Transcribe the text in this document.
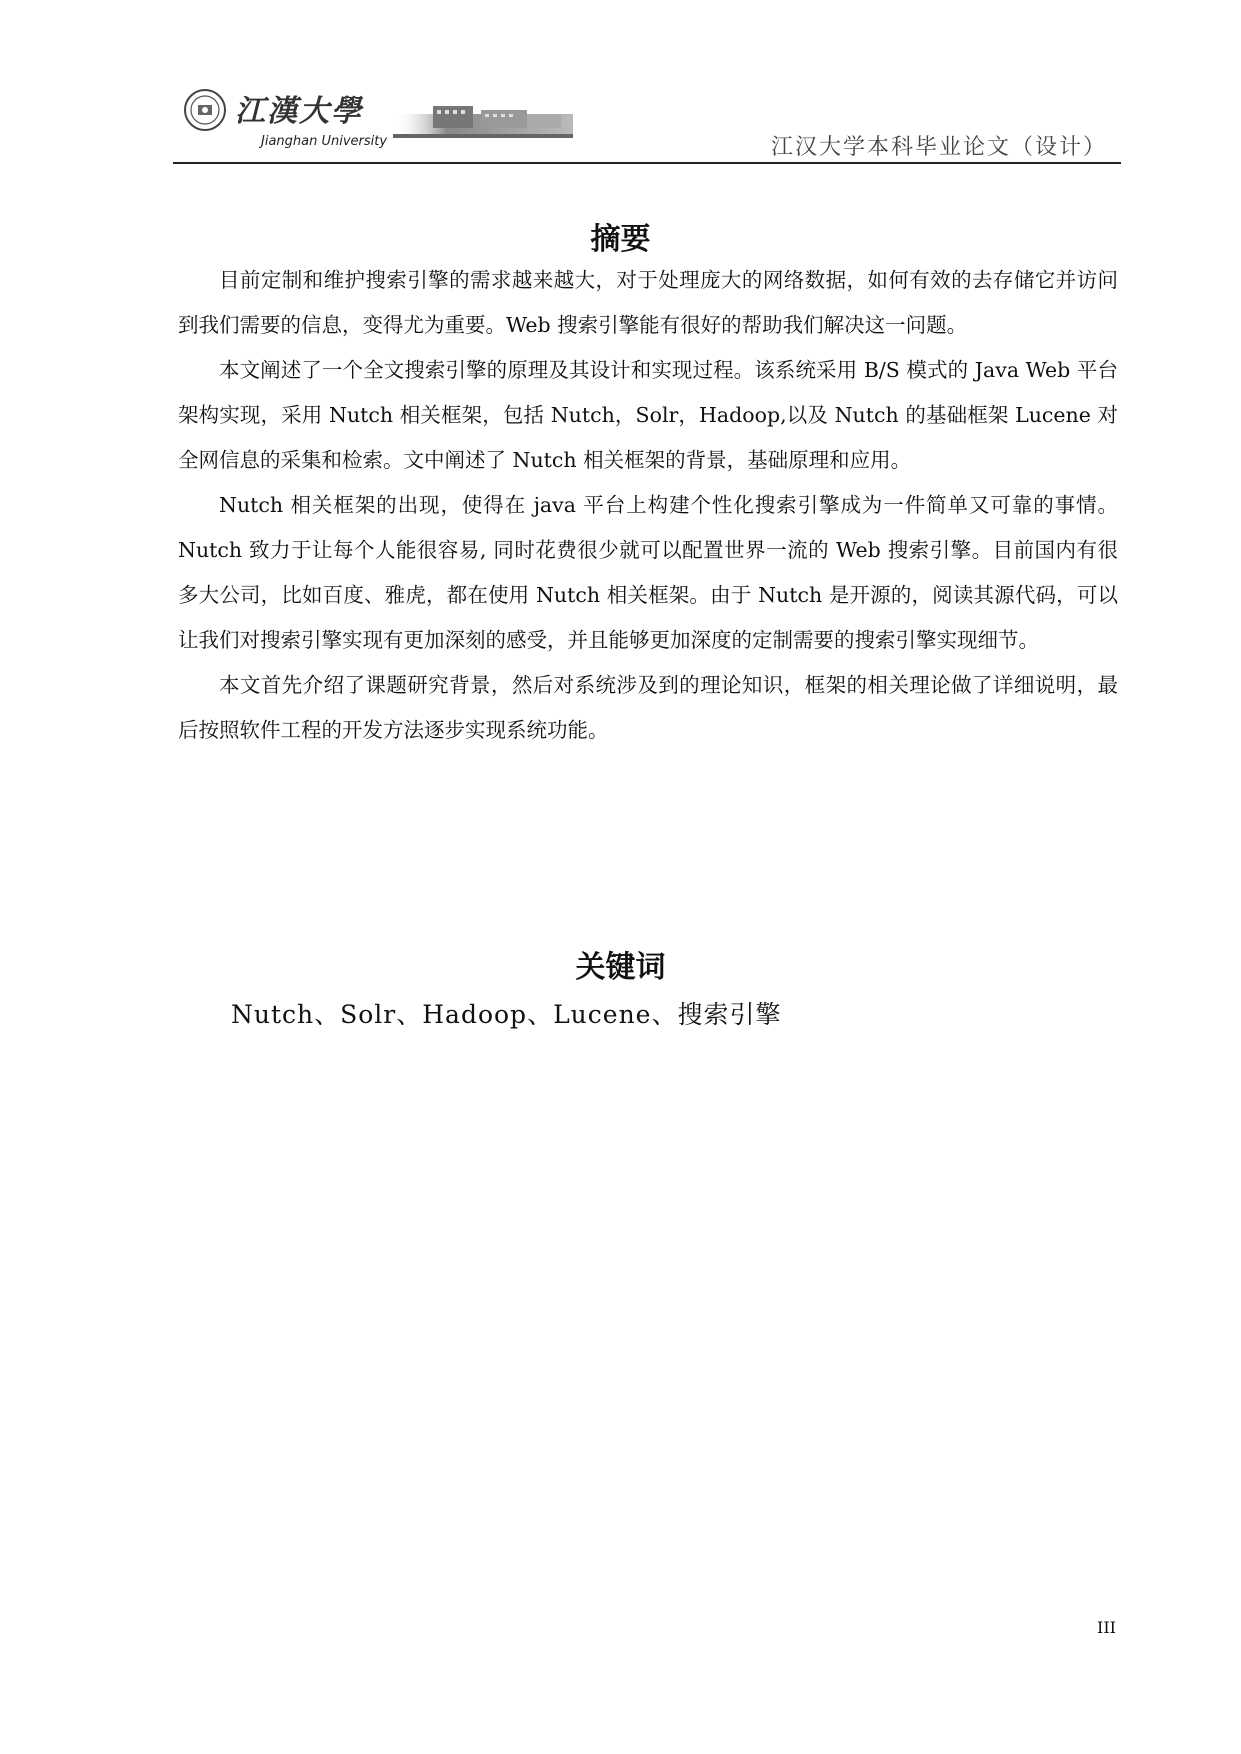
江漢大學
Jianghan University	江汉大学本科毕业论文（设计）
摘要

目前定制和维护搜索引擎的需求越来越大，对于处理庞大的网络数据，如何有效的去存储它并访问到我们需要的信息，变得尤为重要。Web 搜索引擎能有很好的帮助我们解决这一问题。

本文阐述了一个全文搜索引擎的原理及其设计和实现过程。该系统采用 B/S 模式的 Java Web 平台架构实现，采用 Nutch 相关框架，包括 Nutch，Solr，Hadoop,以及 Nutch 的基础框架 Lucene 对全网信息的采集和检索。文中阐述了 Nutch 相关框架的背景，基础原理和应用。

Nutch 相关框架的出现，使得在 java 平台上构建个性化搜索引擎成为一件简单又可靠的事情。Nutch 致力于让每个人能很容易, 同时花费很少就可以配置世界一流的 Web 搜索引擎。目前国内有很多大公司，比如百度、雅虎，都在使用 Nutch 相关框架。由于 Nutch 是开源的，阅读其源代码，可以让我们对搜索引擎实现有更加深刻的感受，并且能够更加深度的定制需要的搜索引擎实现细节。

本文首先介绍了课题研究背景，然后对系统涉及到的理论知识，框架的相关理论做了详细说明，最后按照软件工程的开发方法逐步实现系统功能。

关键词
Nutch、Solr、Hadoop、Lucene、搜索引擎
III
